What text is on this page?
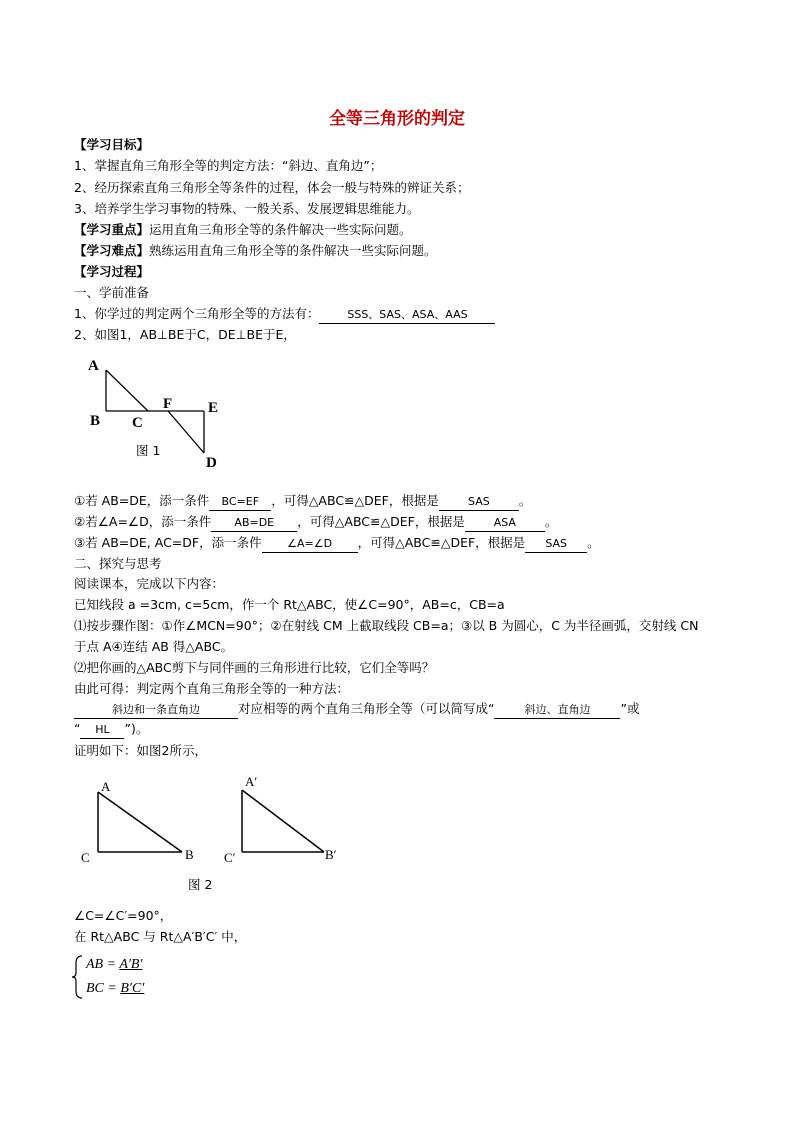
全等三角形的判定
【学习目标】
1、掌握直角三角形全等的判定方法：“斜边、直角边”；
2、经历探索直角三角形全等条件的过程，体会一般与特殊的辨证关系；
3、培养学生学习事物的特殊、一般关系、发展逻辑思维能力。
【学习重点】运用直角三角形全等的条件解决一些实际问题。
【学习难点】熟练运用直角三角形全等的条件解决一些实际问题。
【学习过程】
一、学前准备
1、你学过的判定两个三角形全等的方法有：	SSS、SAS、ASA、AAS
2、如图1，AB⊥BE于C，DE⊥BE于E，
A
B C
F E
D
图 1
①若 AB=DE，添一条件 BC=EF ，可得△ABC≌△DEF，根据是	SAS 。
②若∠A=∠D，添一条件 AB=DE ，可得△ABC≌△DEF，根据是	ASA 。
③若 AB=DE, AC=DF，添一条件 ∠A=∠D ，可得△ABC≌△DEF，根据是 SAS 。
二、探究与思考
阅读课本，完成以下内容：
已知线段 a =3cm, c=5cm，作一个 Rt△ABC，使∠C=90°，AB=c，CB=a
⑴按步骤作图：①作∠MCN=90°；②在射线 CM 上截取线段 CB=a；③以 B 为圆心，C 为半径画弧，交射线 CN
于点 A④连结 AB 得△ABC。
⑵把你画的△ABC剪下与同伴画的三角形进行比较，它们全等吗？
由此可得：判定两个直角三角形全等的一种方法：
斜边和一条直角边	对应相等的两个直角三角形全等（可以简写成“	斜边、直角边 ”或
“ HL ”)。
证明如下：如图2所示，
A
C	B
A′
C′	B′
图 2
∠C=∠C′=90°，
在 Rt△ABC 与 Rt△A′B′C′ 中，
AB = A′B′
BC = B′C′
